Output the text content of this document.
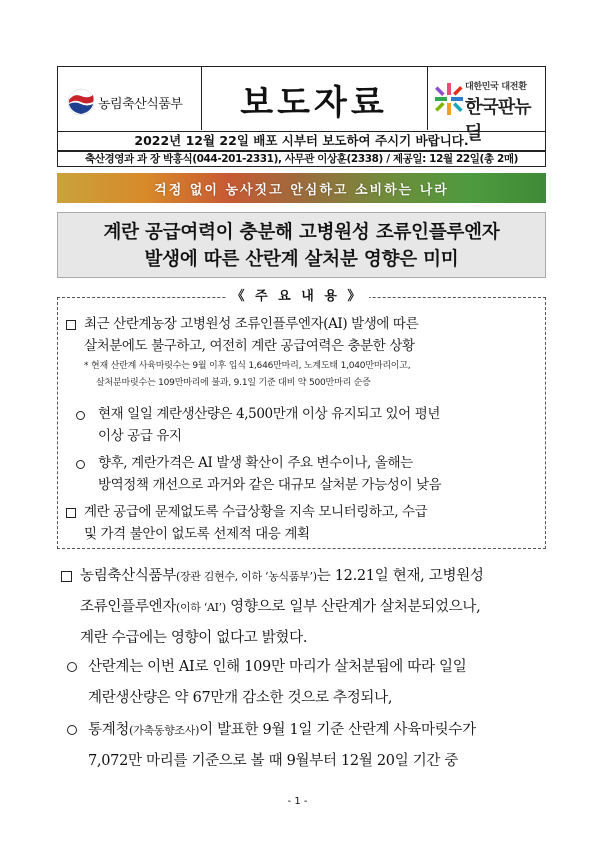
농림축산식품부	보도자료	대한민국 대전환
한국판뉴딜
2022년 12월 22일 배포 시부터 보도하여 주시기 바랍니다.
축산경영과 과 장 박홍식(044-201-2331), 사무관 이상훈(2338) / 제공일: 12월 22일(총 2매)
걱정 없이 농사짓고 안심하고 소비하는 나라
계란 공급여력이 충분해 고병원성 조류인플루엔자
발생에 따른 산란계 살처분 영향은 미미
《 주 요 내 용 》
최근 산란계농장 고병원성 조류인플루엔자(AI) 발생에 따른
살처분에도 불구하고, 여전히 계란 공급여력은 충분한 상황
* 현재 산란계 사육마릿수는 9월 이후 입식 1,646만마리, 노계도태 1,040만마리이고,
살처분마릿수는 109만마리에 불과, 9.1일 기준 대비 약 500만마리 순증
현재 일일 계란생산량은 4,500만개 이상 유지되고 있어 평년
이상 공급 유지
향후, 계란가격은 AI 발생 확산이 주요 변수이나, 올해는
방역정책 개선으로 과거와 같은 대규모 살처분 가능성이 낮음
계란 공급에 문제없도록 수급상황을 지속 모니터링하고, 수급
및 가격 불안이 없도록 선제적 대응 계획
농림축산식품부(장관 김현수, 이하 ‘농식품부’)는 12.21일 현재, 고병원성
조류인플루엔자(이하 ‘AI’) 영향으로 일부 산란계가 살처분되었으나,
계란 수급에는 영향이 없다고 밝혔다.
산란계는 이번 AI로 인해 109만 마리가 살처분됨에 따라 일일
계란생산량은 약 67만개 감소한 것으로 추정되나,
통계청(가축동향조사)이 발표한 9월 1일 기준 산란계 사육마릿수가
7,072만 마리를 기준으로 볼 때 9월부터 12월 20일 기간 중
- 1 -
